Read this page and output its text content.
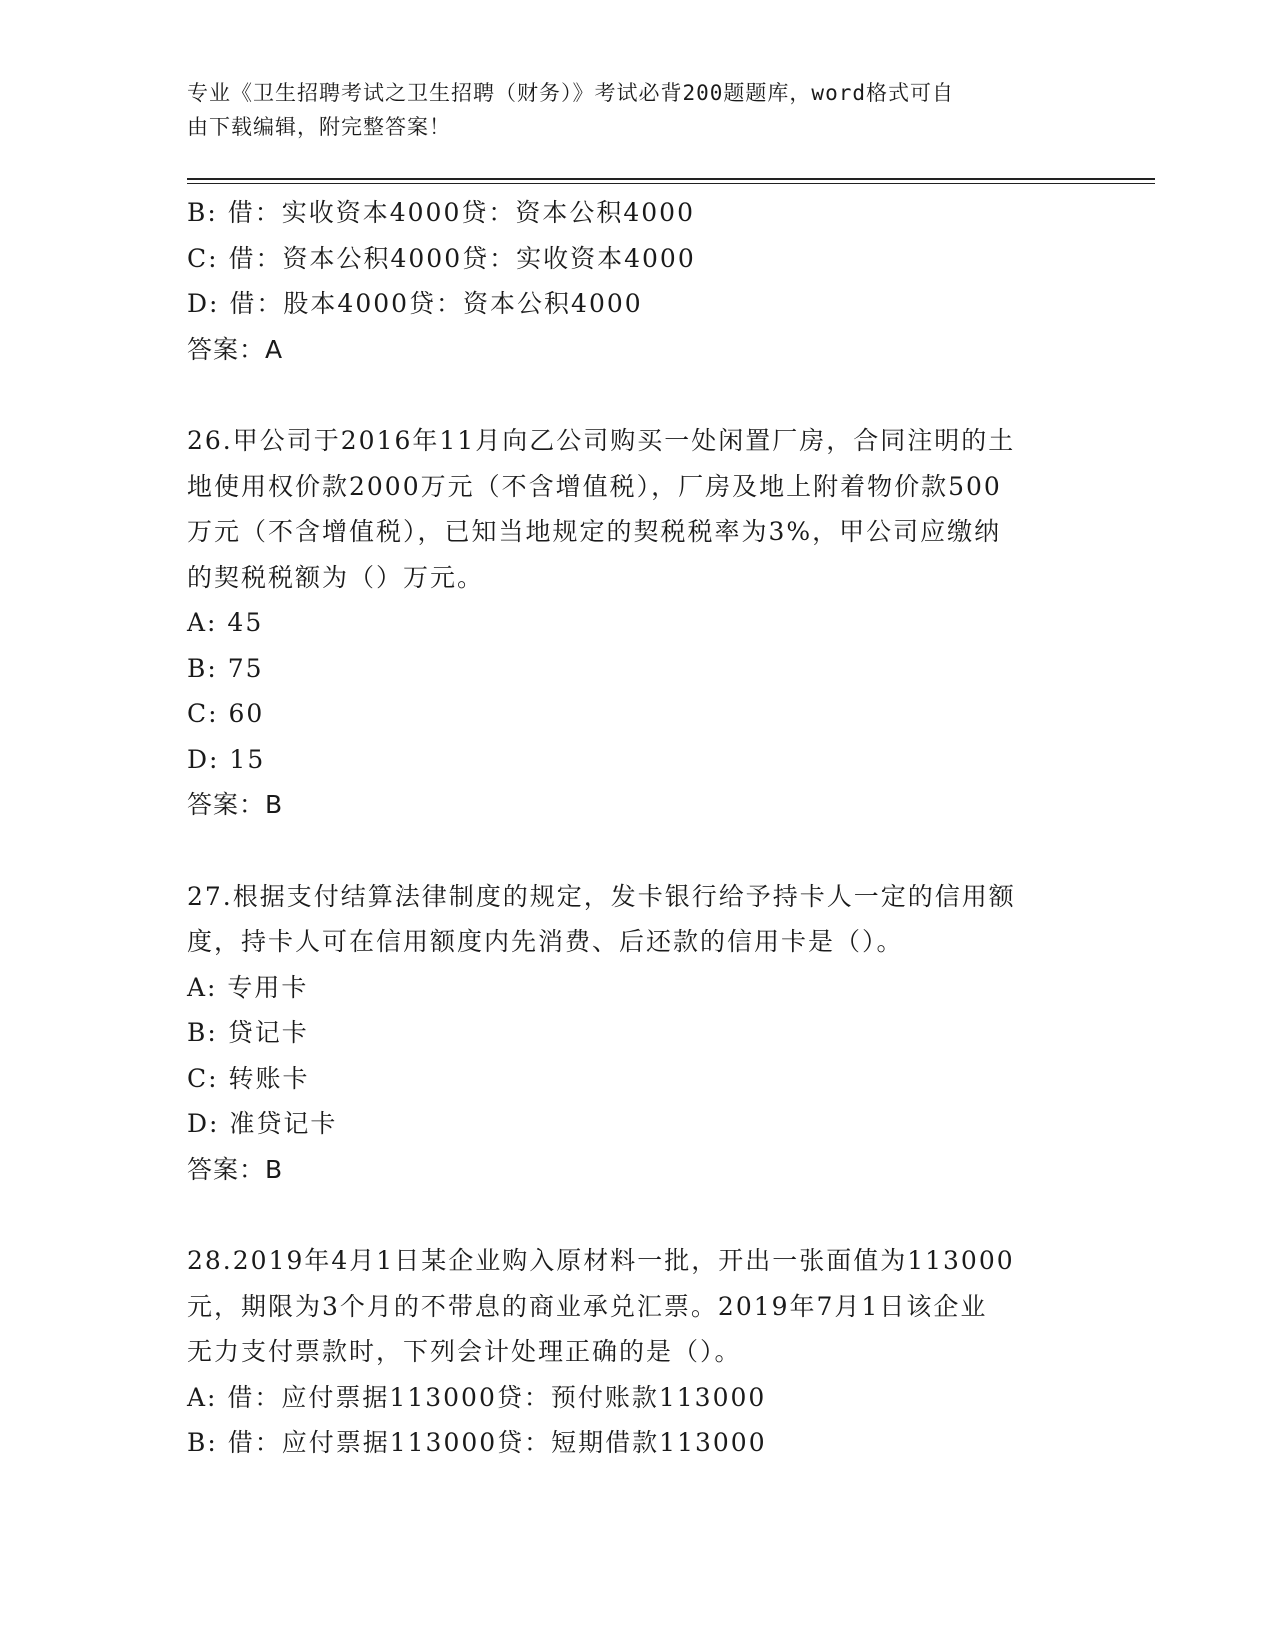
专业《卫生招聘考试之卫生招聘（财务）》考试必背200题题库，word格式可自
由下载编辑，附完整答案！
B: 借：实收资本4000贷：资本公积4000
C: 借：资本公积4000贷：实收资本4000
D: 借：股本4000贷：资本公积4000
答案：A
26.甲公司于2016年11月向乙公司购买一处闲置厂房，合同注明的土
地使用权价款2000万元（不含增值税），厂房及地上附着物价款500
万元（不含增值税），已知当地规定的契税税率为3%，甲公司应缴纳
的契税税额为（）万元。
A: 45
B: 75
C: 60
D: 15
答案：B
27.根据支付结算法律制度的规定，发卡银行给予持卡人一定的信用额
度，持卡人可在信用额度内先消费、后还款的信用卡是（）。
A: 专用卡
B: 贷记卡
C: 转账卡
D: 准贷记卡
答案：B
28.2019年4月1日某企业购入原材料一批，开出一张面值为113000
元，期限为3个月的不带息的商业承兑汇票。2019年7月1日该企业
无力支付票款时，下列会计处理正确的是（）。
A: 借：应付票据113000贷：预付账款113000
B: 借：应付票据113000贷：短期借款113000
